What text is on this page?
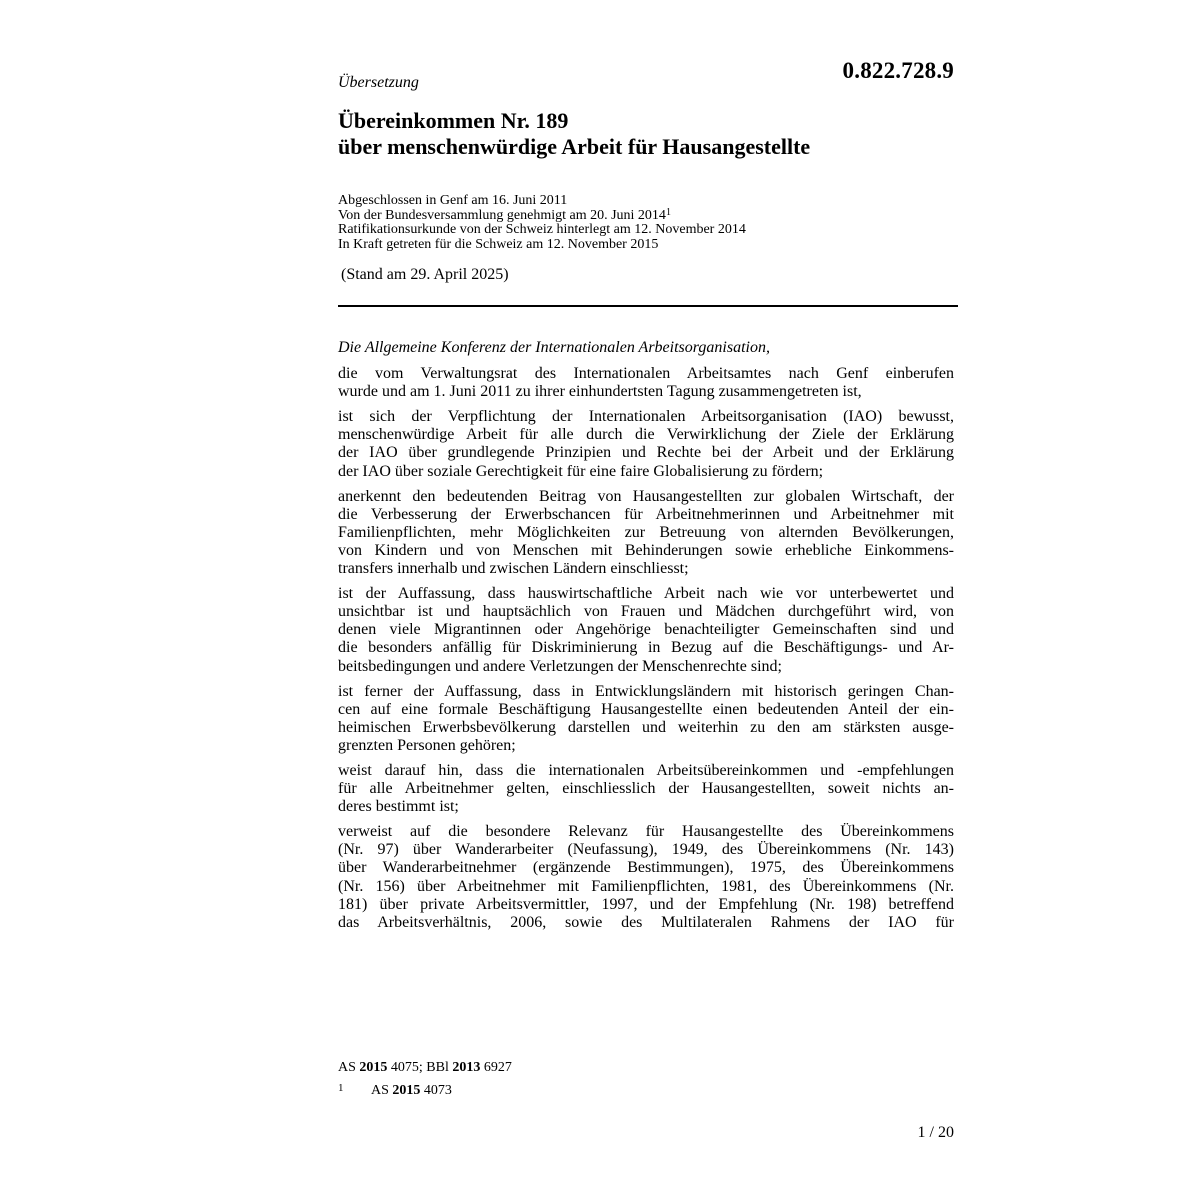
0.822.728.9
Übersetzung
Übereinkommen Nr. 189
über menschenwürdige Arbeit für Hausangestellte
Abgeschlossen in Genf am 16. Juni 2011
Von der Bundesversammlung genehmigt am 20. Juni 2014$^1$
Ratifikationsurkunde von der Schweiz hinterlegt am 12. November 2014
In Kraft getreten für die Schweiz am 12. November 2015
(Stand am 29. April 2025)

Die Allgemeine Konferenz der Internationalen Arbeitsorganisation,

die vom Verwaltungsrat des Internationalen Arbeitsamtes nach Genf einberufen
wurde und am 1. Juni 2011 zu ihrer einhundertsten Tagung zusammengetreten ist,
ist sich der Verpflichtung der Internationalen Arbeitsorganisation (IAO) bewusst,
menschenwürdige Arbeit für alle durch die Verwirklichung der Ziele der Erklärung
der IAO über grundlegende Prinzipien und Rechte bei der Arbeit und der Erklärung
der IAO über soziale Gerechtigkeit für eine faire Globalisierung zu fördern;
anerkennt den bedeutenden Beitrag von Hausangestellten zur globalen Wirtschaft, der
die Verbesserung der Erwerbschancen für Arbeitnehmerinnen und Arbeitnehmer mit
Familienpflichten, mehr Möglichkeiten zur Betreuung von alternden Bevölkerungen,
von Kindern und von Menschen mit Behinderungen sowie erhebliche Einkommens-
transfers innerhalb und zwischen Ländern einschliesst;
ist der Auffassung, dass hauswirtschaftliche Arbeit nach wie vor unterbewertet und
unsichtbar ist und hauptsächlich von Frauen und Mädchen durchgeführt wird, von
denen viele Migrantinnen oder Angehörige benachteiligter Gemeinschaften sind und
die besonders anfällig für Diskriminierung in Bezug auf die Beschäftigungs- und Ar-
beitsbedingungen und andere Verletzungen der Menschenrechte sind;
ist ferner der Auffassung, dass in Entwicklungsländern mit historisch geringen Chan-
cen auf eine formale Beschäftigung Hausangestellte einen bedeutenden Anteil der ein-
heimischen Erwerbsbevölkerung darstellen und weiterhin zu den am stärksten ausge-
grenzten Personen gehören;
weist darauf hin, dass die internationalen Arbeitsübereinkommen und -empfehlungen
für alle Arbeitnehmer gelten, einschliesslich der Hausangestellten, soweit nichts an-
deres bestimmt ist;
verweist auf die besondere Relevanz für Hausangestellte des Übereinkommens
(Nr. 97) über Wanderarbeiter (Neufassung), 1949, des Übereinkommens (Nr. 143)
über Wanderarbeitnehmer (ergänzende Bestimmungen), 1975, des Übereinkommens
(Nr. 156) über Arbeitnehmer mit Familienpflichten, 1981, des Übereinkommens (Nr.
181) über private Arbeitsvermittler, 1997, und der Empfehlung (Nr. 198) betreffend
das Arbeitsverhältnis, 2006, sowie des Multilateralen Rahmens der IAO für
AS 2015 4075; BBl 2013 6927
1 AS 2015 4073
1 / 20
